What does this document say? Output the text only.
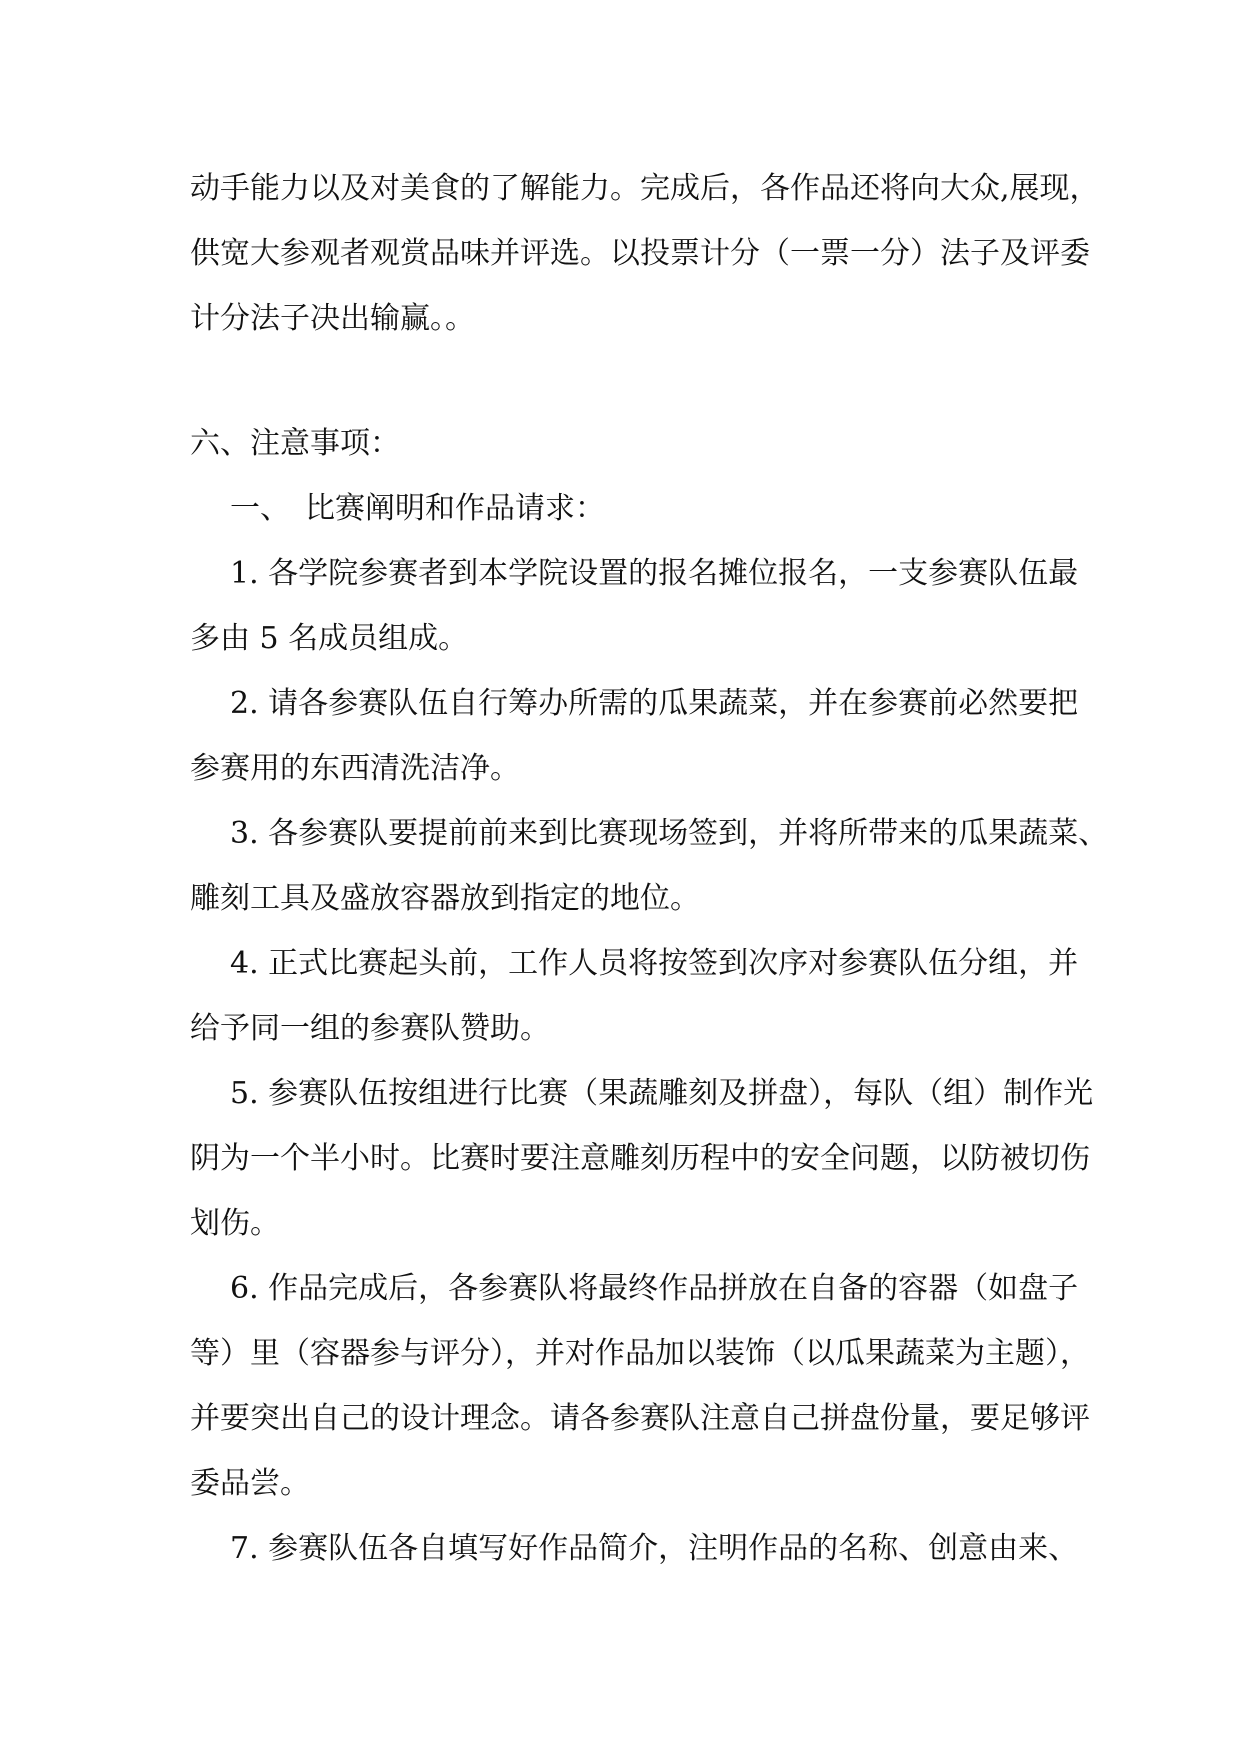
动手能力以及对美食的了解能力。完成后，各作品还将向大众,展现，
供宽大参观者观赏品味并评选。以投票计分（一票一分）法子及评委
计分法子决出输赢。。
六、注意事项：
一、　比赛阐明和作品请求：
1. 各学院参赛者到本学院设置的报名摊位报名，一支参赛队伍最
多由 5 名成员组成。
2. 请各参赛队伍自行筹办所需的瓜果蔬菜，并在参赛前必然要把
参赛用的东西清洗洁净。
3. 各参赛队要提前前来到比赛现场签到，并将所带来的瓜果蔬菜、
雕刻工具及盛放容器放到指定的地位。
4. 正式比赛起头前，工作人员将按签到次序对参赛队伍分组，并
给予同一组的参赛队赞助。
5. 参赛队伍按组进行比赛（果蔬雕刻及拼盘），每队（组）制作光
阴为一个半小时。比赛时要注意雕刻历程中的安全问题，以防被切伤
划伤。
6. 作品完成后，各参赛队将最终作品拼放在自备的容器（如盘子
等）里（容器参与评分），并对作品加以装饰（以瓜果蔬菜为主题），
并要突出自己的设计理念。请各参赛队注意自己拼盘份量，要足够评
委品尝。
7. 参赛队伍各自填写好作品简介，注明作品的名称、创意由来、
